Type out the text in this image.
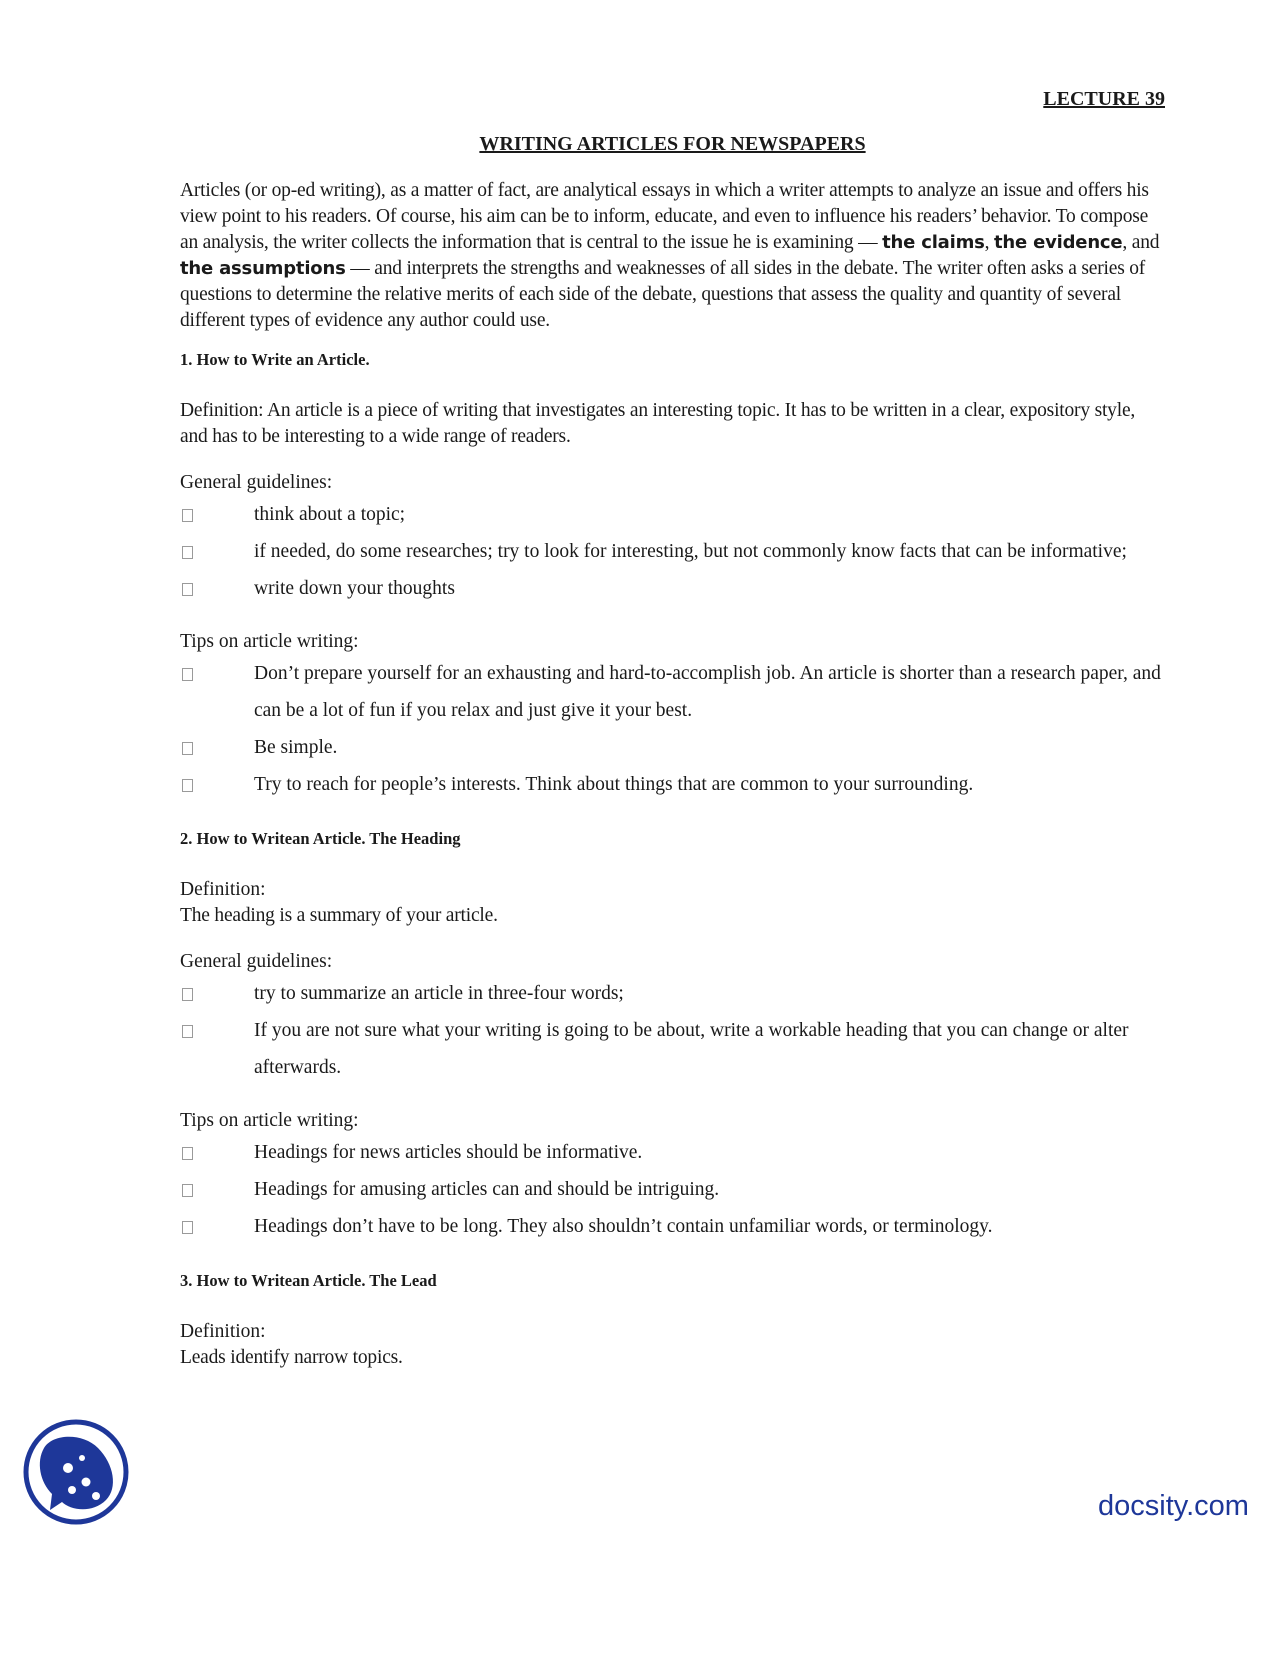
LECTURE 39

WRITING ARTICLES FOR NEWSPAPERS

Articles (or op-ed writing), as a matter of fact, are analytical essays in which a writer attempts to analyze an issue and offers his view point to his readers. Of course, his aim can be to inform, educate, and even to influence his readers’ behavior. To compose an analysis, the writer collects the information that is central to the issue he is examining — the claims, the evidence, and the assumptions — and interprets the strengths and weaknesses of all sides in the debate. The writer often asks a series of questions to determine the relative merits of each side of the debate, questions that assess the quality and quantity of several different types of evidence any author could use.

1. How to Write an Article.

Definition: An article is a piece of writing that investigates an interesting topic. It has to be written in a clear, expository style, and has to be interesting to a wide range of readers.

General guidelines:

think about a topic;
if needed, do some researches; try to look for interesting, but not commonly know facts that can be informative;
write down your thoughts

Tips on article writing:

Don’t prepare yourself for an exhausting and hard-to-accomplish job. An article is shorter than a research paper, and can be a lot of fun if you relax and just give it your best.
Be simple.
Try to reach for people’s interests. Think about things that are common to your surrounding.

2. How to Writean Article. The Heading

Definition:

The heading is a summary of your article.

General guidelines:

try to summarize an article in three-four words;
If you are not sure what your writing is going to be about, write a workable heading that you can change or alter afterwards.

Tips on article writing:

Headings for news articles should be informative.
Headings for amusing articles can and should be intriguing.
Headings don’t have to be long. They also shouldn’t contain unfamiliar words, or terminology.

3. How to Writean Article. The Lead

Definition:

Leads identify narrow topics.

docsity.com
